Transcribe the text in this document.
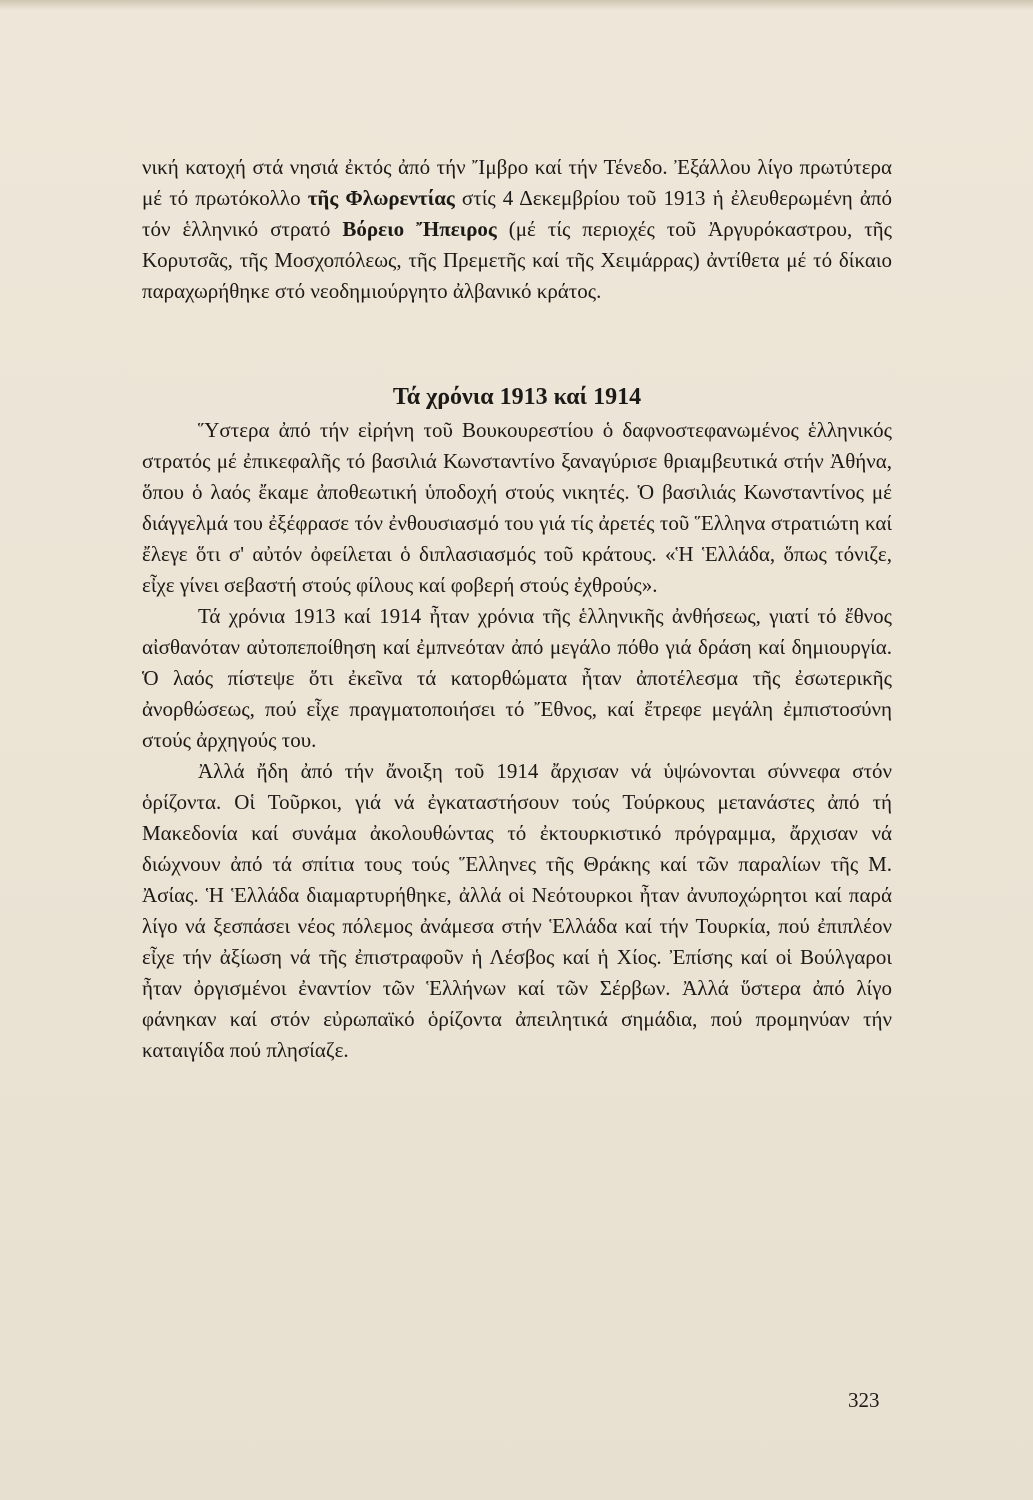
νική κατοχή στά νησιά ἐκτός ἀπό τήν Ἴμβρο καί τήν Τένεδο. Ἐξάλλου λίγο πρωτύτερα μέ τό πρωτόκολλο τῆς Φλωρεντίας στίς 4 Δεκεμβρίου τοῦ 1913 ἡ ἐλευθερωμένη ἀπό τόν ἑλληνικό στρατό Βόρειο Ἤπειρος (μέ τίς περιοχές τοῦ Ἀργυρόκαστρου, τῆς Κορυτσᾶς, τῆς Μοσχοπόλεως, τῆς Πρεμετῆς καί τῆς Χειμάρρας) ἀντίθετα μέ τό δίκαιο παραχωρήθηκε στό νεοδημιούργητο ἀλβανικό κράτος.

Τά χρόνια 1913 καί 1914

Ὕστερα ἀπό τήν εἰρήνη τοῦ Βουκουρεστίου ὁ δαφνοστεφανωμένος ἑλληνικός στρατός μέ ἐπικεφαλῆς τό βασιλιά Κωνσταντίνο ξαναγύρισε θριαμβευτικά στήν Ἀθήνα, ὅπου ὁ λαός ἔκαμε ἀποθεωτική ὑποδοχή στούς νικητές. Ὁ βασιλιάς Κωνσταντίνος μέ διάγγελμά του ἐξέφρασε τόν ἐνθουσιασμό του γιά τίς ἀρετές τοῦ Ἕλληνα στρατιώτη καί ἔλεγε ὅτι σ' αὐτόν ὀφείλεται ὁ διπλασιασμός τοῦ κράτους. «Ἡ Ἑλλάδα, ὅπως τόνιζε, εἶχε γίνει σεβαστή στούς φίλους καί φοβερή στούς ἐχθρούς».

Τά χρόνια 1913 καί 1914 ἦταν χρόνια τῆς ἑλληνικῆς ἀνθήσεως, γιατί τό ἔθνος αἰσθανόταν αὐτοπεποίθηση καί ἐμπνεόταν ἀπό μεγάλο πόθο γιά δράση καί δημιουργία. Ὁ λαός πίστεψε ὅτι ἐκεῖνα τά κατορθώματα ἦταν ἀποτέλεσμα τῆς ἐσωτερικῆς ἀνορθώσεως, πού εἶχε πραγματοποιήσει τό Ἔθνος, καί ἔτρεφε μεγάλη ἐμπιστοσύνη στούς ἀρχηγούς του.

Ἀλλά ἤδη ἀπό τήν ἄνοιξη τοῦ 1914 ἄρχισαν νά ὑψώνονται σύννεφα στόν ὁρίζοντα. Οἱ Τοῦρκοι, γιά νά ἐγκαταστήσουν τούς Τούρκους μετανάστες ἀπό τή Μακεδονία καί συνάμα ἀκολουθώντας τό ἐκτουρκιστικό πρόγραμμα, ἄρχισαν νά διώχνουν ἀπό τά σπίτια τους τούς Ἕλληνες τῆς Θράκης καί τῶν παραλίων τῆς Μ. Ἀσίας. Ἡ Ἑλλάδα διαμαρτυρήθηκε, ἀλλά οἱ Νεότουρκοι ἦταν ἀνυποχώρητοι καί παρά λίγο νά ξεσπάσει νέος πόλεμος ἀνάμεσα στήν Ἑλλάδα καί τήν Τουρκία, πού ἐπιπλέον εἶχε τήν ἀξίωση νά τῆς ἐπιστραφοῦν ἡ Λέσβος καί ἡ Χίος. Ἐπίσης καί οἱ Βούλγαροι ἦταν ὀργισμένοι ἐναντίον τῶν Ἑλλήνων καί τῶν Σέρβων. Ἀλλά ὕστερα ἀπό λίγο φάνηκαν καί στόν εὐρωπαϊκό ὁρίζοντα ἀπειλητικά σημάδια, πού προμηνύαν τήν καταιγίδα πού πλησίαζε.

323
